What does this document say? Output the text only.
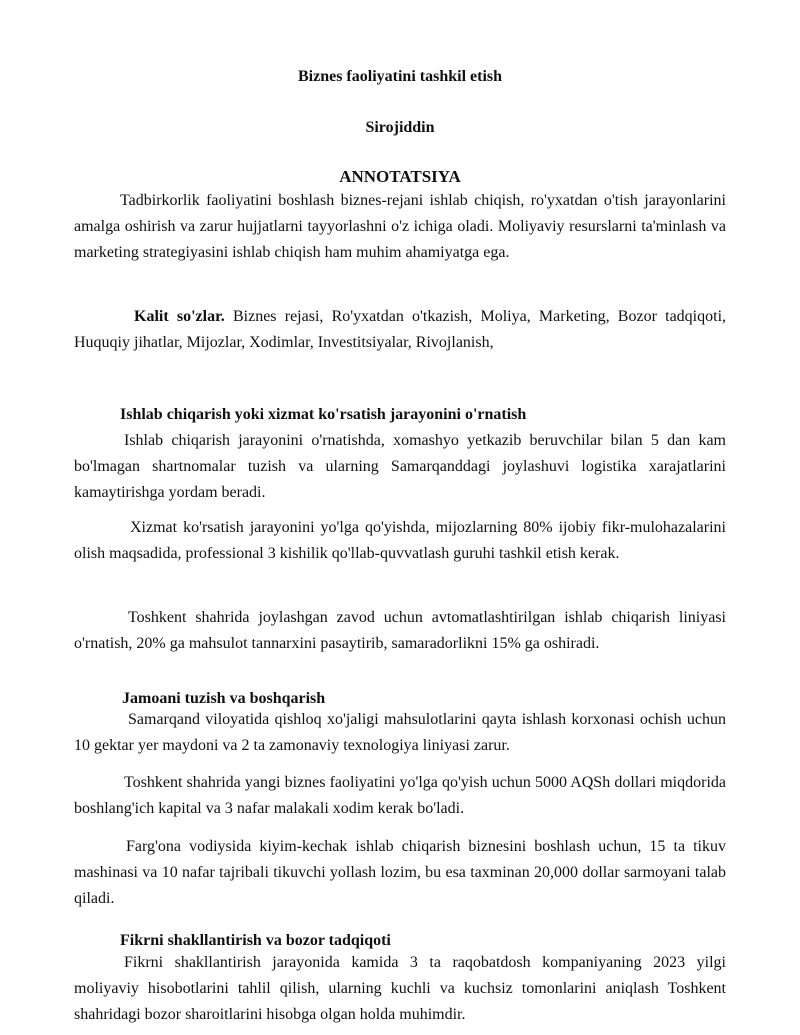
Biznes faoliyatini tashkil etish
Sirojiddin
ANNOTATSIYA

Tadbirkorlik faoliyatini boshlash biznes-rejani ishlab chiqish, ro'yxatdan o'tish jarayonlarini amalga oshirish va zarur hujjatlarni tayyorlashni o'z ichiga oladi. Moliyaviy resurslarni ta'minlash va marketing strategiyasini ishlab chiqish ham muhim ahamiyatga ega.

Kalit so'zlar. Biznes rejasi, Ro'yxatdan o'tkazish, Moliya, Marketing, Bozor tadqiqoti, Huquqiy jihatlar, Mijozlar, Xodimlar, Investitsiyalar, Rivojlanish,

Ishlab chiqarish yoki xizmat ko'rsatish jarayonini o'rnatish

Ishlab chiqarish jarayonini o'rnatishda, xomashyo yetkazib beruvchilar bilan 5 dan kam bo'lmagan shartnomalar tuzish va ularning Samarqanddagi joylashuvi logistika xarajatlarini kamaytirishga yordam beradi.

Xizmat ko'rsatish jarayonini yo'lga qo'yishda, mijozlarning 80% ijobiy fikr-mulohazalarini olish maqsadida, professional 3 kishilik qo'llab-quvvatlash guruhi tashkil etish kerak.

Toshkent shahrida joylashgan zavod uchun avtomatlashtirilgan ishlab chiqarish liniyasi o'rnatish, 20% ga mahsulot tannarxini pasaytirib, samaradorlikni 15% ga oshiradi.

Jamoani tuzish va boshqarish

Samarqand viloyatida qishloq xo'jaligi mahsulotlarini qayta ishlash korxonasi ochish uchun 10 gektar yer maydoni va 2 ta zamonaviy texnologiya liniyasi zarur.

Toshkent shahrida yangi biznes faoliyatini yo'lga qo'yish uchun 5000 AQSh dollari miqdorida boshlang'ich kapital va 3 nafar malakali xodim kerak bo'ladi.

Farg'ona vodiysida kiyim-kechak ishlab chiqarish biznesini boshlash uchun, 15 ta tikuv mashinasi va 10 nafar tajribali tikuvchi yollash lozim, bu esa taxminan 20,000 dollar sarmoyani talab qiladi.

Fikrni shakllantirish va bozor tadqiqoti

Fikrni shakllantirish jarayonida kamida 3 ta raqobatdosh kompaniyaning 2023 yilgi moliyaviy hisobotlarini tahlil qilish, ularning kuchli va kuchsiz tomonlarini aniqlash Toshkent shahridagi bozor sharoitlarini hisobga olgan holda muhimdir.
